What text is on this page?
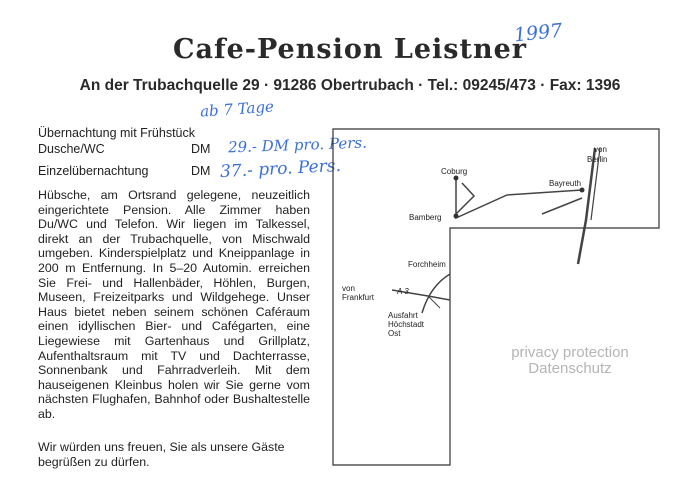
1997
Cafe-Pension Leistner
An der Trubachquelle 29 · 91286 Obertrubach · Tel.: 09245/473 · Fax: 1396
ab 7 Tage
Übernachtung mit Frühstück
Dusche/WC	DM 29.- DM pro. Pers.
Einzelübernachtung	DM 37.- pro. Pers.
Hübsche, am Ortsrand gelegene, neuzeitlich eingerichtete Pension. Alle Zimmer haben Du/WC und Telefon. Wir liegen im Talkessel, direkt an der Trubachquelle, von Mischwald umgeben. Kinderspielplatz und Kneippanlage in 200 m Entfernung. In 5–20 Automin. erreichen Sie Frei- und Hallenbäder, Höhlen, Burgen, Museen, Freizeitparks und Wildgehege. Unser Haus bietet neben seinem schönen Caféraum einen idyllischen Bier- und Cafégarten, eine Liegewiese mit Gartenhaus und Grillplatz, Aufenthaltsraum mit TV und Dachterrasse, Sonnenbank und Fahrradverleih. Mit dem hauseigenen Kleinbus holen wir Sie gerne vom nächsten Flughafen, Bahnhof oder Bushaltestelle ab.
Wir würden uns freuen, Sie als unsere Gäste
begrüßen zu dürfen.
von
Berlin
Coburg
Bayreuth
Bamberg
Forchheim
von
Frankfurt
A 3
Ausfahrt
Höchstadt
Ost
privacy protection
Datenschutz
